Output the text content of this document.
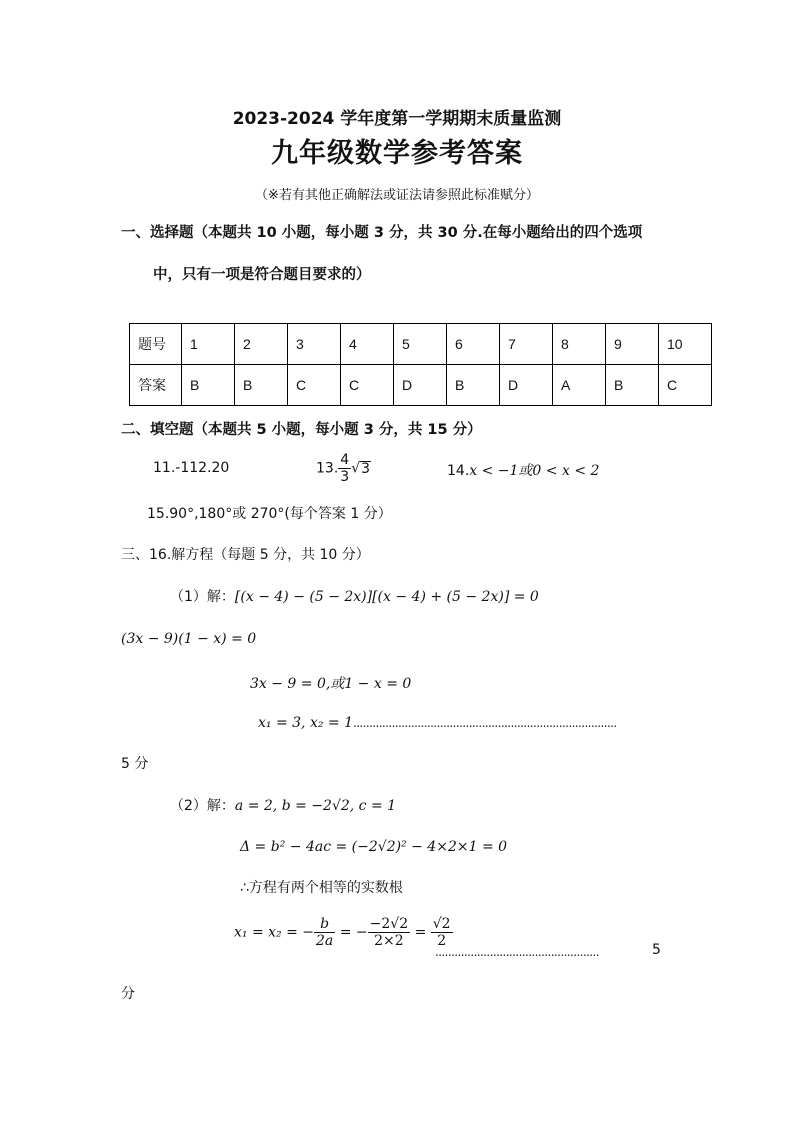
2023-2024 学年度第一学期期末质量监测
九年级数学参考答案
（※若有其他正确解法或证法请参照此标准赋分）
一、选择题（本题共 10 小题，每小题 3 分，共 30 分.在每小题给出的四个选项
中，只有一项是符合题目要求的）
题号	1	2	3	4	5	6	7	8	9	10
答案	B	B	C	C	D	B	D	A	B	C
二、填空题（本题共 5 小题，每小题 3 分，共 15 分）
11.-112.20	13. $\frac{4}{3} √3$	14.x < −1或0 < x < 2
15.90°,180°或 270°(每个答案 1 分）
三、16.解方程（每题 5 分，共 10 分）
（1）解：[(x − 4) − (5 − 2x)][(x − 4) + (5 − 2x)] = 0
(3x − 9)(1 − x) = 0
3x − 9 = 0,或1 − x = 0
x₁ = 3, x₂ = 1..................................................................................
5 分
（2）解：a = 2, b = −2√2, c = 1
Δ = b² − 4ac = (−2√2)² − 4×2×1 = 0
∴方程有两个相等的实数根
x₁ = x₂ = − $\frac{b}{2a}$ = − $\frac{-2√2}{2\times 2} = \frac{√2}{2}$
...................................................	5
分
